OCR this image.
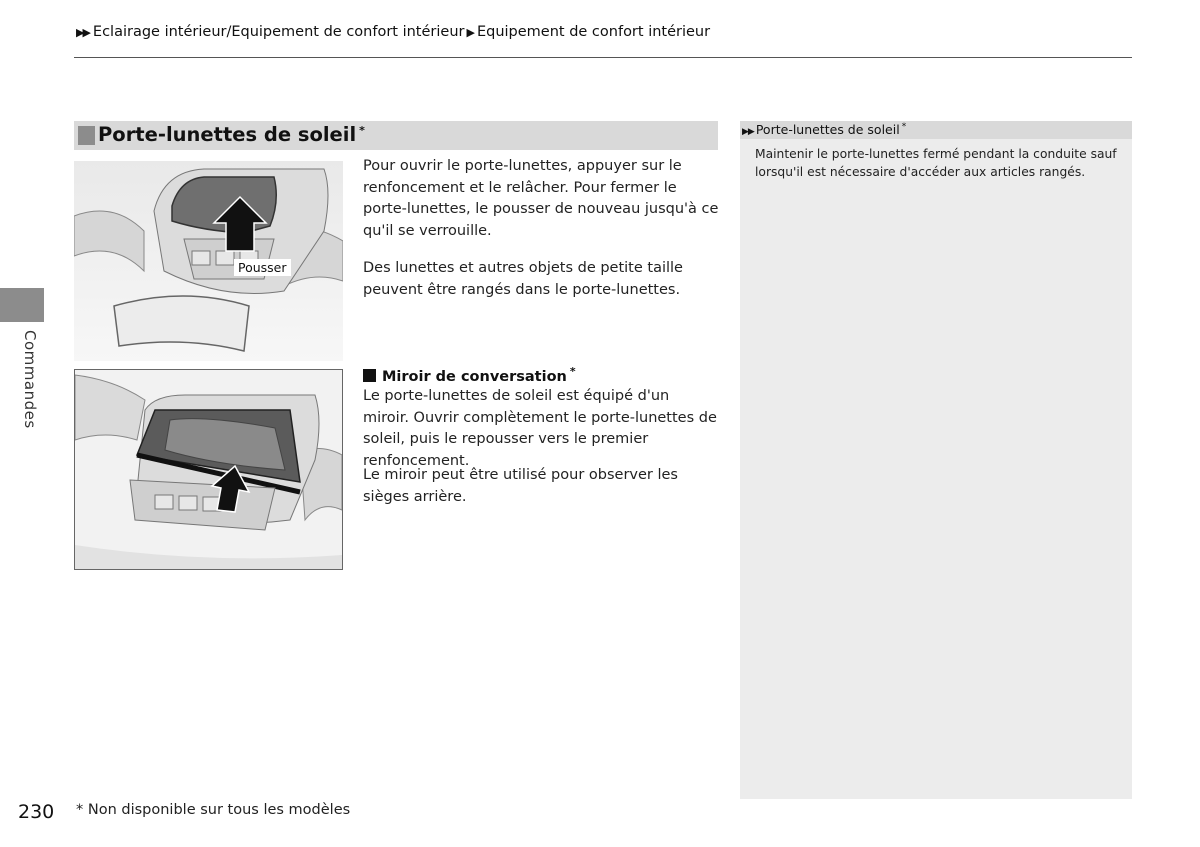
▶▶ Eclairage intérieur/Equipement de confort intérieur ▶ Equipement de confort intérieur
Commandes
Porte-lunettes de soleil *
Pousser
Pour ouvrir le porte-lunettes, appuyer sur le renfoncement et le relâcher. Pour fermer le porte-lunettes, le pousser de nouveau jusqu'à ce qu'il se verrouille.
Des lunettes et autres objets de petite taille peuvent être rangés dans le porte-lunettes.
Miroir de conversation *
Le porte-lunettes de soleil est équipé d'un miroir. Ouvrir complètement le porte-lunettes de soleil, puis le repousser vers le premier renfoncement.
Le miroir peut être utilisé pour observer les sièges arrière.
▶▶ Porte-lunettes de soleil *
Maintenir le porte-lunettes fermé pendant la conduite sauf lorsqu'il est nécessaire d'accéder aux articles rangés.
230 * Non disponible sur tous les modèles
